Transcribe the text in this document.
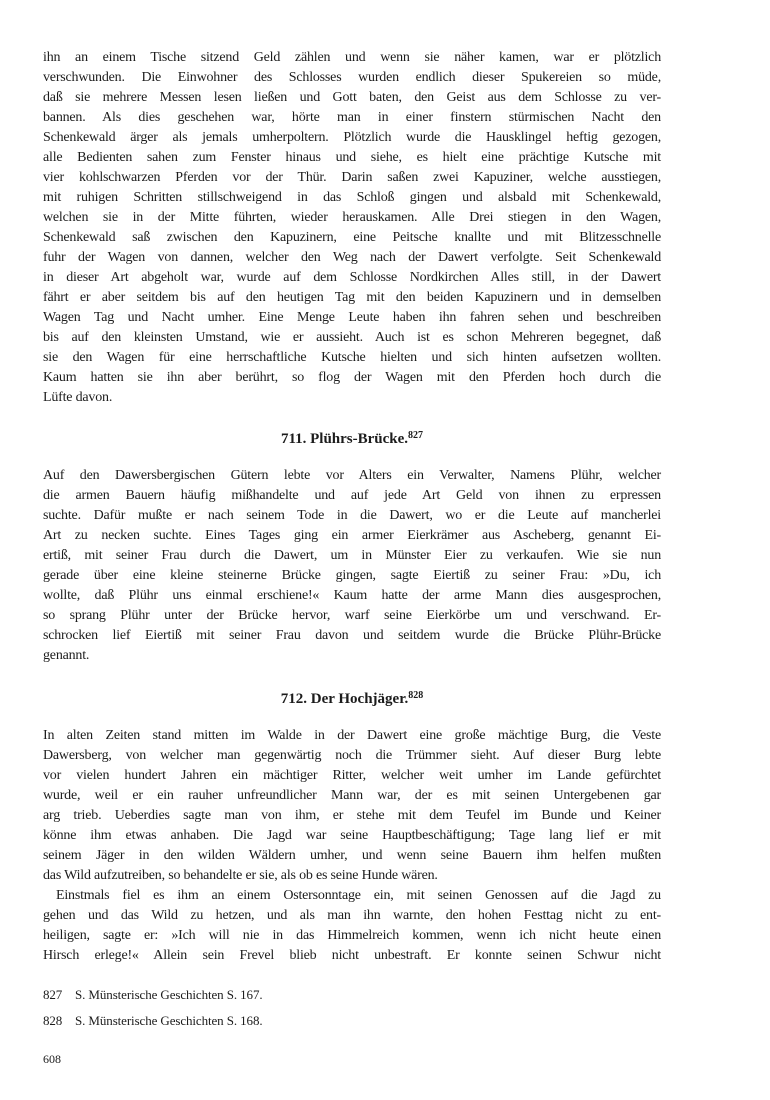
ihn an einem Tische sitzend Geld zählen und wenn sie näher kamen, war er plötzlich
verschwunden. Die Einwohner des Schlosses wurden endlich dieser Spukereien so müde,
daß sie mehrere Messen lesen ließen und Gott baten, den Geist aus dem Schlosse zu ver-
bannen. Als dies geschehen war, hörte man in einer finstern stürmischen Nacht den
Schenkewald ärger als jemals umherpoltern. Plötzlich wurde die Hausklingel heftig gezogen,
alle Bedienten sahen zum Fenster hinaus und siehe, es hielt eine prächtige Kutsche mit
vier kohlschwarzen Pferden vor der Thür. Darin saßen zwei Kapuziner, welche ausstiegen,
mit ruhigen Schritten stillschweigend in das Schloß gingen und alsbald mit Schenkewald,
welchen sie in der Mitte führten, wieder herauskamen. Alle Drei stiegen in den Wagen,
Schenkewald saß zwischen den Kapuzinern, eine Peitsche knallte und mit Blitzesschnelle
fuhr der Wagen von dannen, welcher den Weg nach der Dawert verfolgte. Seit Schenkewald
in dieser Art abgeholt war, wurde auf dem Schlosse Nordkirchen Alles still, in der Dawert
fährt er aber seitdem bis auf den heutigen Tag mit den beiden Kapuzinern und in demselben
Wagen Tag und Nacht umher. Eine Menge Leute haben ihn fahren sehen und beschreiben
bis auf den kleinsten Umstand, wie er aussieht. Auch ist es schon Mehreren begegnet, daß
sie den Wagen für eine herrschaftliche Kutsche hielten und sich hinten aufsetzen wollten.
Kaum hatten sie ihn aber berührt, so flog der Wagen mit den Pferden hoch durch die
Lüfte davon.
711. Plührs-Brücke.$^{827}$
Auf den Dawersbergischen Gütern lebte vor Alters ein Verwalter, Namens Plühr, welcher
die armen Bauern häufig mißhandelte und auf jede Art Geld von ihnen zu erpressen
suchte. Dafür mußte er nach seinem Tode in die Dawert, wo er die Leute auf mancherlei
Art zu necken suchte. Eines Tages ging ein armer Eierkrämer aus Ascheberg, genannt Ei-
ertiß, mit seiner Frau durch die Dawert, um in Münster Eier zu verkaufen. Wie sie nun
gerade über eine kleine steinerne Brücke gingen, sagte Eiertiß zu seiner Frau: »Du, ich
wollte, daß Plühr uns einmal erschiene!« Kaum hatte der arme Mann dies ausgesprochen,
so sprang Plühr unter der Brücke hervor, warf seine Eierkörbe um und verschwand. Er-
schrocken lief Eiertiß mit seiner Frau davon und seitdem wurde die Brücke Plühr-Brücke
genannt.
712. Der Hochjäger.$^{828}$
In alten Zeiten stand mitten im Walde in der Dawert eine große mächtige Burg, die Veste
Dawersberg, von welcher man gegenwärtig noch die Trümmer sieht. Auf dieser Burg lebte
vor vielen hundert Jahren ein mächtiger Ritter, welcher weit umher im Lande gefürchtet
wurde, weil er ein rauher unfreundlicher Mann war, der es mit seinen Untergebenen gar
arg trieb. Ueberdies sagte man von ihm, er stehe mit dem Teufel im Bunde und Keiner
könne ihm etwas anhaben. Die Jagd war seine Hauptbeschäftigung; Tage lang lief er mit
seinem Jäger in den wilden Wäldern umher, und wenn seine Bauern ihm helfen mußten
das Wild aufzutreiben, so behandelte er sie, als ob es seine Hunde wären.
Einstmals fiel es ihm an einem Ostersonntage ein, mit seinen Genossen auf die Jagd zu
gehen und das Wild zu hetzen, und als man ihn warnte, den hohen Festtag nicht zu ent-
heiligen, sagte er: »Ich will nie in das Himmelreich kommen, wenn ich nicht heute einen
Hirsch erlege!« Allein sein Frevel blieb nicht unbestraft. Er konnte seinen Schwur nicht
827 S. Münsterische Geschichten S. 167.
828 S. Münsterische Geschichten S. 168.
608
